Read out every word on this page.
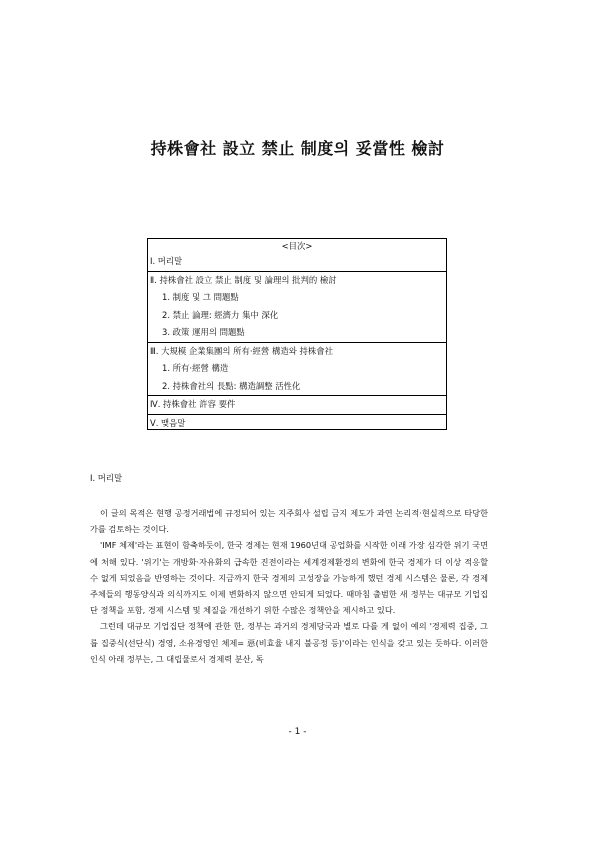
持株會社 設立 禁止 制度의 妥當性 檢討
<目次>
Ⅰ. 머리말
Ⅱ. 持株會社 設立 禁止 制度 및 論理의 批判的 檢討
1. 制度 및 그 問題點
2. 禁止 論理: 經濟力 集中 深化
3. 政策 運用의 問題點
Ⅲ. 大規模 企業集團의 所有·經營 構造와 持株會社
1. 所有·經營 構造
2. 持株會社의 長點: 構造調整 活性化
Ⅳ. 持株會社 許容 要件
Ⅴ. 맺음말
Ⅰ. 머리말

이 글의 목적은 현행 공정거래법에 규정되어 있는 지주회사 설립 금지 제도가 과연 논리적·현실적으로 타당한가를 검토하는 것이다.

'IMF 체제'라는 표현이 함축하듯이, 한국 경제는 현재 1960년대 공업화를 시작한 이래 가장 심각한 위기 국면에 처해 있다. '위기'는 개방화·자유화의 급속한 진전이라는 세계경제환경의 변화에 한국 경제가 더 이상 적응할 수 없게 되었음을 반영하는 것이다. 지금까지 한국 경제의 고성장을 가능하게 했던 경제 시스템은 물론, 각 경제 주체들의 행동양식과 의식까지도 이제 변화하지 않으면 안되게 되었다. 때마침 출범한 새 정부는 대규모 기업집단 정책을 포함, 경제 시스템 및 체질을 개선하기 위한 수많은 정책안을 제시하고 있다.

그런데 대규모 기업집단 정책에 관한 한, 정부는 과거의 경제당국과 별로 다를 게 없이 예의 '경제력 집중, 그룹 집중식(선단식) 경영, 소유경영인 체제= 惡(비효율 내지 불공정 등)'이라는 인식을 갖고 있는 듯하다. 이러한 인식 아래 정부는, 그 대립물로서 경제력 분산, 독

- 1 -
